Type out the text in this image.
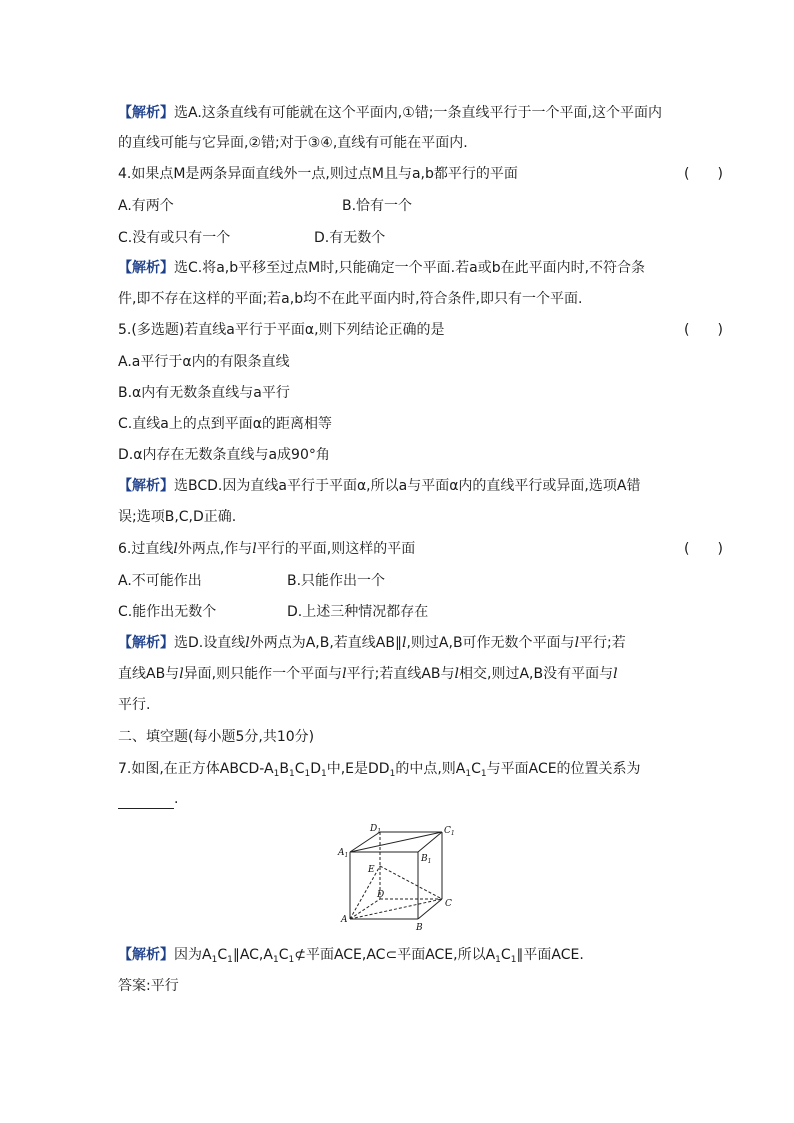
【解析】选A.这条直线有可能就在这个平面内,①错;一条直线平行于一个平面,这个平面内
的直线可能与它异面,②错;对于③④,直线有可能在平面内.
4.如果点M是两条异面直线外一点,则过点M且与a,b都平行的平面	(　　)
A.有两个	B.恰有一个
C.没有或只有一个	D.有无数个
【解析】选C.将a,b平移至过点M时,只能确定一个平面.若a或b在此平面内时,不符合条
件,即不存在这样的平面;若a,b均不在此平面内时,符合条件,即只有一个平面.
5.(多选题)若直线a平行于平面α,则下列结论正确的是	(　　)
A.a平行于α内的有限条直线
B.α内有无数条直线与a平行
C.直线a上的点到平面α的距离相等
D.α内存在无数条直线与a成90°角
【解析】选BCD.因为直线a平行于平面α,所以a与平面α内的直线平行或异面,选项A错
误;选项B,C,D正确.
6.过直线l外两点,作与l平行的平面,则这样的平面	(　　)
A.不可能作出	B.只能作出一个
C.能作出无数个	D.上述三种情况都存在
【解析】选D.设直线l外两点为A,B,若直线AB∥l,则过A,B可作无数个平面与l平行;若
直线AB与l异面,则只能作一个平面与l平行;若直线AB与l相交,则过A,B没有平面与l
平行.
二、填空题(每小题5分,共10分)
7.如图,在正方体ABCD-$A_1B_1C_1D_1$中,E是$DD_1$的中点,则$A_1C_1$与平面ACE的位置关系为
.
$D_1$	$C_1$
$A_1$	$B_1$
E
D
A
C
B
【解析】因为$A_1C_1\parallel AC,A_1C_1⊄$平面ACE,AC⊂平面ACE,所以$A_1C_1\parallel$平面ACE.
答案:平行
